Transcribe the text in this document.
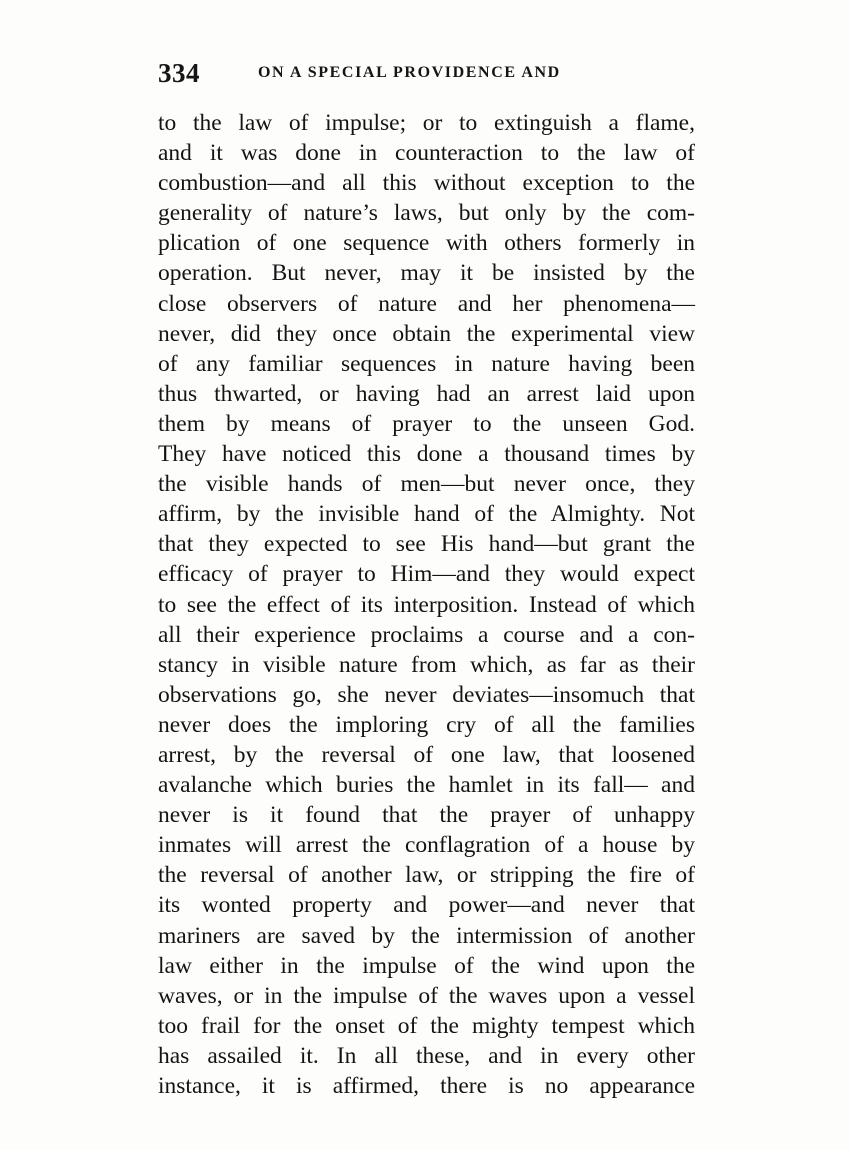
334	ON A SPECIAL PROVIDENCE AND
to the law of impulse; or to extinguish a flame,
and it was done in counteraction to the law of
combustion—and all this without exception to the
generality of nature’s laws, but only by the com-
plication of one sequence with others formerly in
operation. But never, may it be insisted by the
close observers of nature and her phenomena—
never, did they once obtain the experimental view
of any familiar sequences in nature having been
thus thwarted, or having had an arrest laid upon
them by means of prayer to the unseen God.
They have noticed this done a thousand times by
the visible hands of men—but never once, they
affirm, by the invisible hand of the Almighty. Not
that they expected to see His hand—but grant the
efficacy of prayer to Him—and they would expect
to see the effect of its interposition. Instead of which
all their experience proclaims a course and a con-
stancy in visible nature from which, as far as their
observations go, she never deviates—insomuch that
never does the imploring cry of all the families
arrest, by the reversal of one law, that loosened
avalanche which buries the hamlet in its fall— and
never is it found that the prayer of unhappy
inmates will arrest the conflagration of a house by
the reversal of another law, or stripping the fire of
its wonted property and power—and never that
mariners are saved by the intermission of another
law either in the impulse of the wind upon the
waves, or in the impulse of the waves upon a vessel
too frail for the onset of the mighty tempest which
has assailed it. In all these, and in every other
instance, it is affirmed, there is no appearance
